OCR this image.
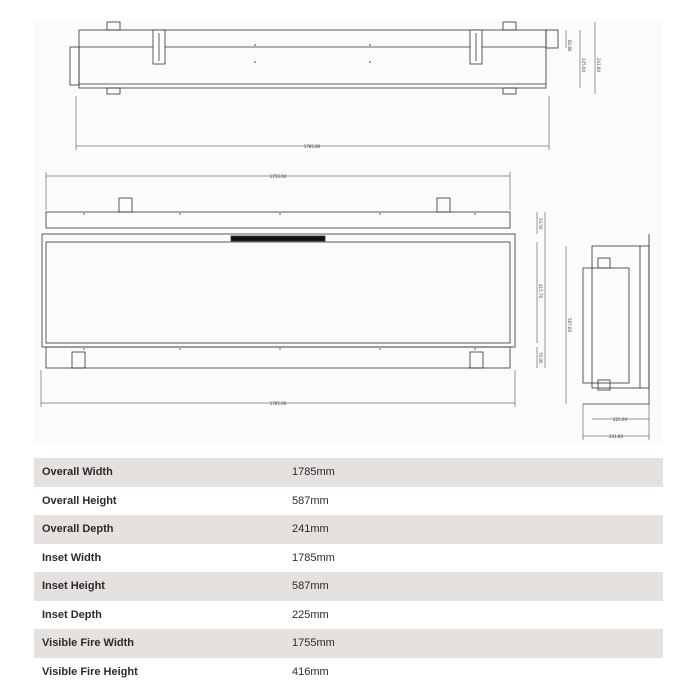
1785.80
82.80
225.00	241.80
1755.00
1785.00
33.50
415.70
70.00
587.00
225.00
241.80
Overall Width	1785mm
Overall Height	587mm
Overall Depth	241mm
Inset Width	1785mm
Inset Height	587mm
Inset Depth	225mm
Visible Fire Width	1755mm
Visible Fire Height	416mm
